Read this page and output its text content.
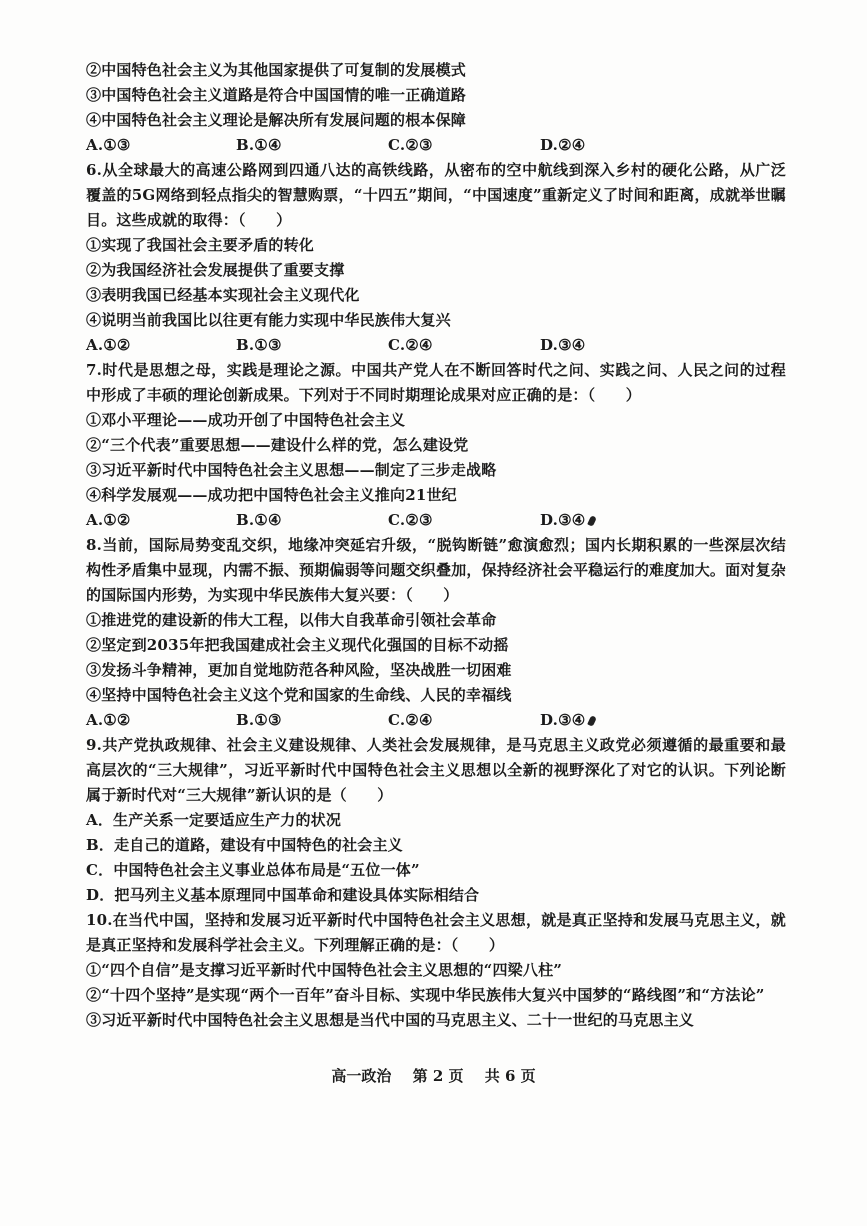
②中国特色社会主义为其他国家提供了可复制的发展模式
③中国特色社会主义道路是符合中国国情的唯一正确道路
④中国特色社会主义理论是解决所有发展问题的根本保障
A.①③	B.①④	C.②③	D.②④
6.从全球最大的高速公路网到四通八达的高铁线路，从密布的空中航线到深入乡村的硬化公路，从广泛覆盖的5G网络到轻点指尖的智慧购票，“十四五”期间，“中国速度”重新定义了时间和距离，成就举世瞩目。这些成就的取得：（　　）
①实现了我国社会主要矛盾的转化
②为我国经济社会发展提供了重要支撑
③表明我国已经基本实现社会主义现代化
④说明当前我国比以往更有能力实现中华民族伟大复兴
A.①②	B.①③	C.②④	D.③④
7.时代是思想之母，实践是理论之源。中国共产党人在不断回答时代之问、实践之问、人民之问的过程中形成了丰硕的理论创新成果。下列对于不同时期理论成果对应正确的是：（　　）
①邓小平理论——成功开创了中国特色社会主义
②“三个代表”重要思想——建设什么样的党，怎么建设党
③习近平新时代中国特色社会主义思想——制定了三步走战略
④科学发展观——成功把中国特色社会主义推向21世纪
A.①②	B.①④	C.②③	D.③④
8.当前，国际局势变乱交织，地缘冲突延宕升级，“脱钩断链”愈演愈烈；国内长期积累的一些深层次结构性矛盾集中显现，内需不振、预期偏弱等问题交织叠加，保持经济社会平稳运行的难度加大。面对复杂的国际国内形势，为实现中华民族伟大复兴要：（　　）
①推进党的建设新的伟大工程，以伟大自我革命引领社会革命
②坚定到2035年把我国建成社会主义现代化强国的目标不动摇
③发扬斗争精神，更加自觉地防范各种风险，坚决战胜一切困难
④坚持中国特色社会主义这个党和国家的生命线、人民的幸福线
A.①②	B.①③	C.②④	D.③④
9.共产党执政规律、社会主义建设规律、人类社会发展规律，是马克思主义政党必须遵循的最重要和最高层次的“三大规律”，习近平新时代中国特色社会主义思想以全新的视野深化了对它的认识。下列论断属于新时代对“三大规律”新认识的是（　　）
A．生产关系一定要适应生产力的状况
B．走自己的道路，建设有中国特色的社会主义
C．中国特色社会主义事业总体布局是“五位一体”
D．把马列主义基本原理同中国革命和建设具体实际相结合
10.在当代中国，坚持和发展习近平新时代中国特色社会主义思想，就是真正坚持和发展马克思主义，就是真正坚持和发展科学社会主义。下列理解正确的是：（　　）
①“四个自信”是支撑习近平新时代中国特色社会主义思想的“四梁八柱”
②“十四个坚持”是实现“两个一百年”奋斗目标、实现中华民族伟大复兴中国梦的“路线图”和“方法论”
③习近平新时代中国特色社会主义思想是当代中国的马克思主义、二十一世纪的马克思主义
高一政治 第 2 页 共 6 页
